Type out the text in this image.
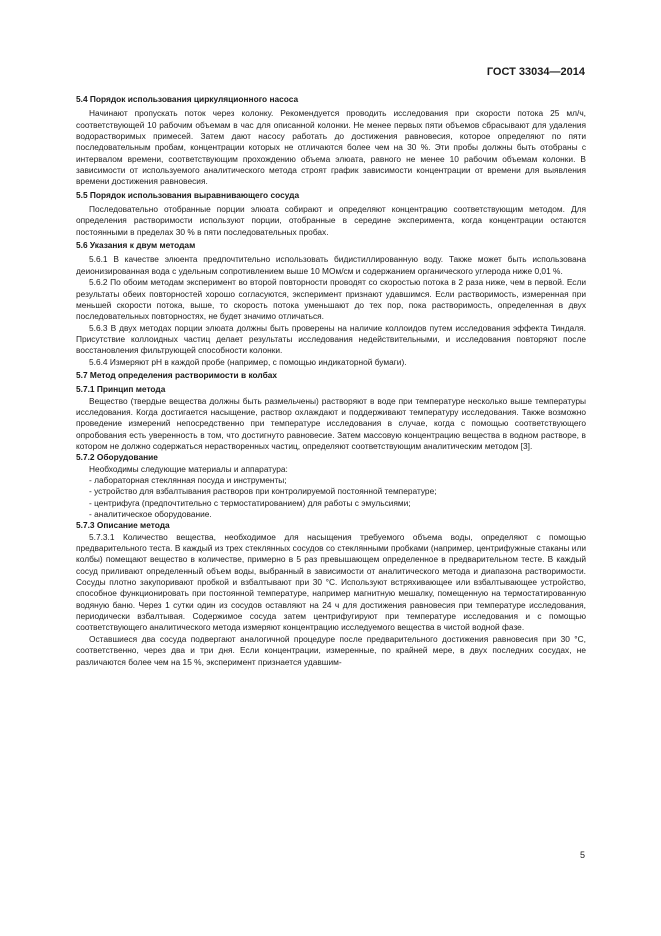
ГОСТ 33034—2014
5.4 Порядок использования циркуляционного насоса

Начинают пропускать поток через колонку. Рекомендуется проводить исследования при скорости потока 25 мл/ч, соответствующей 10 рабочим объемам в час для описанной колонки. Не менее первых пяти объемов сбрасывают для удаления водорастворимых примесей. Затем дают насосу работать до достижения равновесия, которое определяют по пяти последовательным пробам, концентрации которых не отличаются более чем на 30 %. Эти пробы должны быть отобраны с интервалом времени, соответствующим прохождению объема элюата, равного не менее 10 рабочим объемам колонки. В зависимости от используемого аналитического метода строят график зависимости концентрации от времени для выявления времени достижения равновесия.

5.5 Порядок использования выравнивающего сосуда

Последовательно отобранные порции элюата собирают и определяют концентрацию соответствующим методом. Для определения растворимости используют порции, отобранные в середине эксперимента, когда концентрации остаются постоянными в пределах 30 % в пяти последовательных пробах.

5.6 Указания к двум методам

5.6.1 В качестве элюента предпочтительно использовать бидистиллированную воду. Также может быть использована деионизированная вода с удельным сопротивлением выше 10 МОм/см и содержанием органического углерода ниже 0,01 %.

5.6.2 По обоим методам эксперимент во второй повторности проводят со скоростью потока в 2 раза ниже, чем в первой. Если результаты обеих повторностей хорошо согласуются, эксперимент признают удавшимся. Если растворимость, измеренная при меньшей скорости потока, выше, то скорость потока уменьшают до тех пор, пока растворимость, определенная в двух последовательных повторностях, не будет значимо отличаться.

5.6.3 В двух методах порции элюата должны быть проверены на наличие коллоидов путем исследования эффекта Тиндаля. Присутствие коллоидных частиц делает результаты исследования недействительными, и исследования повторяют после восстановления фильтрующей способности колонки.

5.6.4 Измеряют pH в каждой пробе (например, с помощью индикаторной бумаги).

5.7 Метод определения растворимости в колбах
5.7.1 Принцип метода

Вещество (твердые вещества должны быть размельчены) растворяют в воде при температуре несколько выше температуры исследования. Когда достигается насыщение, раствор охлаждают и поддерживают температуру исследования. Также возможно проведение измерений непосредственно при температуре исследования в случае, когда с помощью соответствующего опробования есть уверенность в том, что достигнуто равновесие. Затем массовую концентрацию вещества в водном растворе, в котором не должно содержаться нерастворенных частиц, определяют соответствующим аналитическим методом [3].

5.7.2 Оборудование

Необходимы следующие материалы и аппаратура:

- лабораторная стеклянная посуда и инструменты;

- устройство для взбалтывания растворов при контролируемой постоянной температуре;

- центрифуга (предпочтительно с термостатированием) для работы с эмульсиями;

- аналитическое оборудование.

5.7.3 Описание метода

5.7.3.1 Количество вещества, необходимое для насыщения требуемого объема воды, определяют с помощью предварительного теста. В каждый из трех стеклянных сосудов со стеклянными пробками (например, центрифужные стаканы или колбы) помещают вещество в количестве, примерно в 5 раз превышающем определенное в предварительном тесте. В каждый сосуд приливают определенный объем воды, выбранный в зависимости от аналитического метода и диапазона растворимости. Сосуды плотно закупоривают пробкой и взбалтывают при 30 °С. Используют встряхивающее или взбалтывающее устройство, способное функционировать при постоянной температуре, например магнитную мешалку, помещенную на термостатированную водяную баню. Через 1 сутки один из сосудов оставляют на 24 ч для достижения равновесия при температуре исследования, периодически взбалтывая. Содержимое сосуда затем центрифугируют при температуре исследования и с помощью соответствующего аналитического метода измеряют концентрацию исследуемого вещества в чистой водной фазе.

Оставшиеся два сосуда подвергают аналогичной процедуре после предварительного достижения равновесия при 30 °С, соответственно, через два и три дня. Если концентрации, измеренные, по крайней мере, в двух последних сосудах, не различаются более чем на 15 %, эксперимент признается удавшим-

5
